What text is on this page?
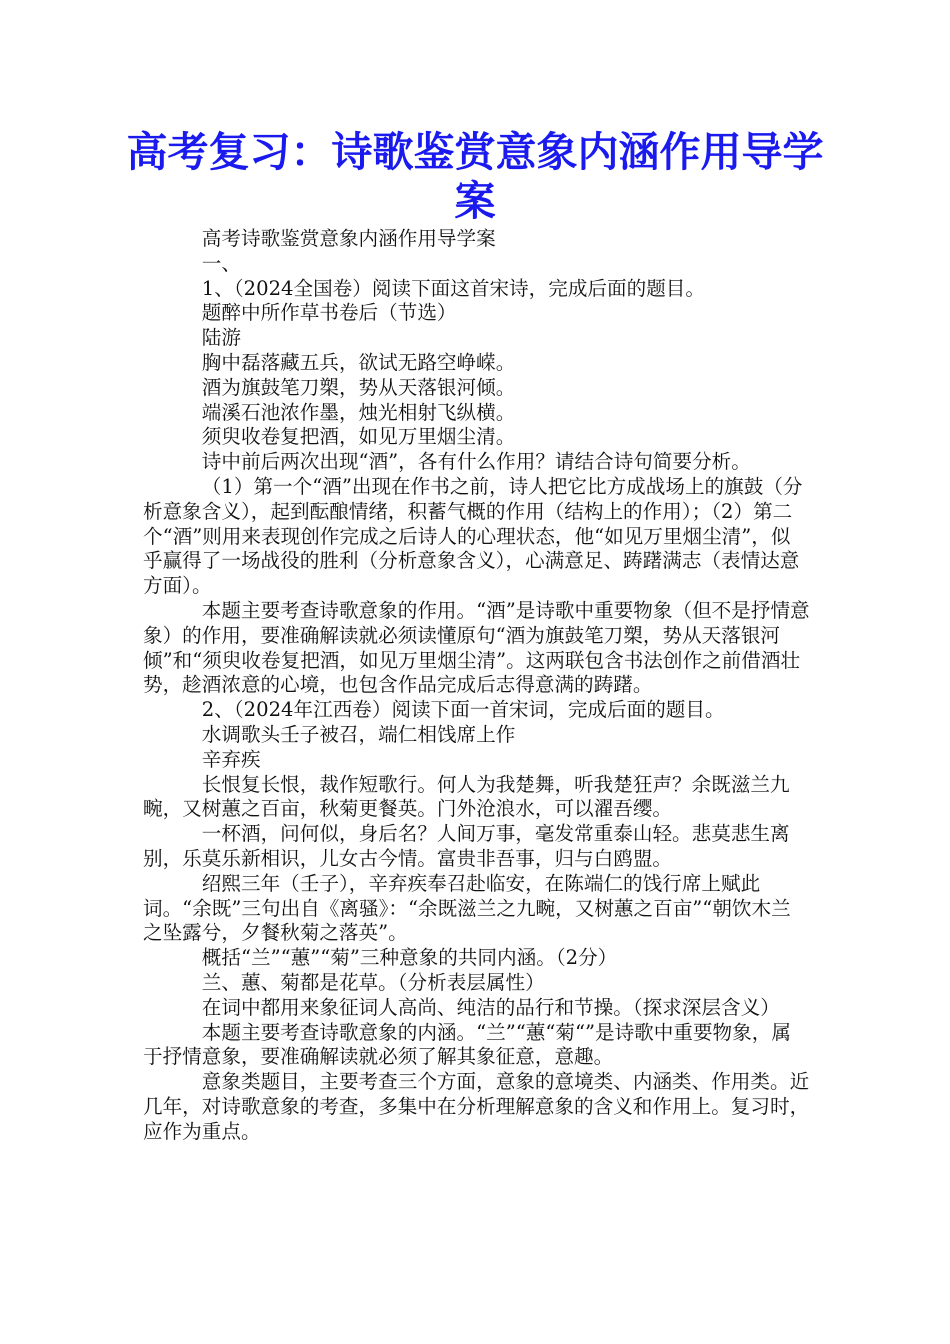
高考复习：诗歌鉴赏意象内涵作用导学案

高考诗歌鉴赏意象内涵作用导学案

一、

1、（2024全国卷）阅读下面这首宋诗，完成后面的题目。

题醉中所作草书卷后（节选）

陆游

胸中磊落藏五兵，欲试无路空峥嵘。

酒为旗鼓笔刀槊，势从天落银河倾。

端溪石池浓作墨，烛光相射飞纵横。

须臾收卷复把酒，如见万里烟尘清。

诗中前后两次出现“酒”，各有什么作用？请结合诗句简要分析。

（1）第一个“酒”出现在作书之前，诗人把它比方成战场上的旗鼓（分析意象含义），起到酝酿情绪，积蓄气概的作用（结构上的作用）；（2）第二个“酒”则用来表现创作完成之后诗人的心理状态，他“如见万里烟尘清”，似乎赢得了一场战役的胜利（分析意象含义），心满意足、踌躇满志（表情达意方面）。

本题主要考查诗歌意象的作用。“酒”是诗歌中重要物象（但不是抒情意象）的作用，要准确解读就必须读懂原句“酒为旗鼓笔刀槊，势从天落银河倾”和“须臾收卷复把酒，如见万里烟尘清”。这两联包含书法创作之前借酒壮势，趁酒浓意的心境，也包含作品完成后志得意满的踌躇。

2、（2024年江西卷）阅读下面一首宋词，完成后面的题目。

水调歌头壬子被召，端仁相饯席上作

辛弃疾

长恨复长恨，裁作短歌行。何人为我楚舞，听我楚狂声？余既滋兰九畹，又树蕙之百亩，秋菊更餐英。门外沧浪水，可以濯吾缨。

一杯酒，问何似，身后名？人间万事，毫发常重泰山轻。悲莫悲生离别，乐莫乐新相识，儿女古今情。富贵非吾事，归与白鸥盟。

绍熙三年（壬子），辛弃疾奉召赴临安，在陈端仁的饯行席上赋此词。“余既”三句出自《离骚》：“余既滋兰之九畹，又树蕙之百亩”“朝饮木兰之坠露兮，夕餐秋菊之落英”。

概括“兰”“蕙”“菊”三种意象的共同内涵。（2分）

兰、蕙、菊都是花草。（分析表层属性）

在词中都用来象征词人高尚、纯洁的品行和节操。（探求深层含义）

本题主要考查诗歌意象的内涵。“兰”“蕙“菊“”是诗歌中重要物象，属于抒情意象，要准确解读就必须了解其象征意，意趣。

意象类题目，主要考查三个方面，意象的意境类、内涵类、作用类。近几年，对诗歌意象的考查，多集中在分析理解意象的含义和作用上。复习时，应作为重点。
